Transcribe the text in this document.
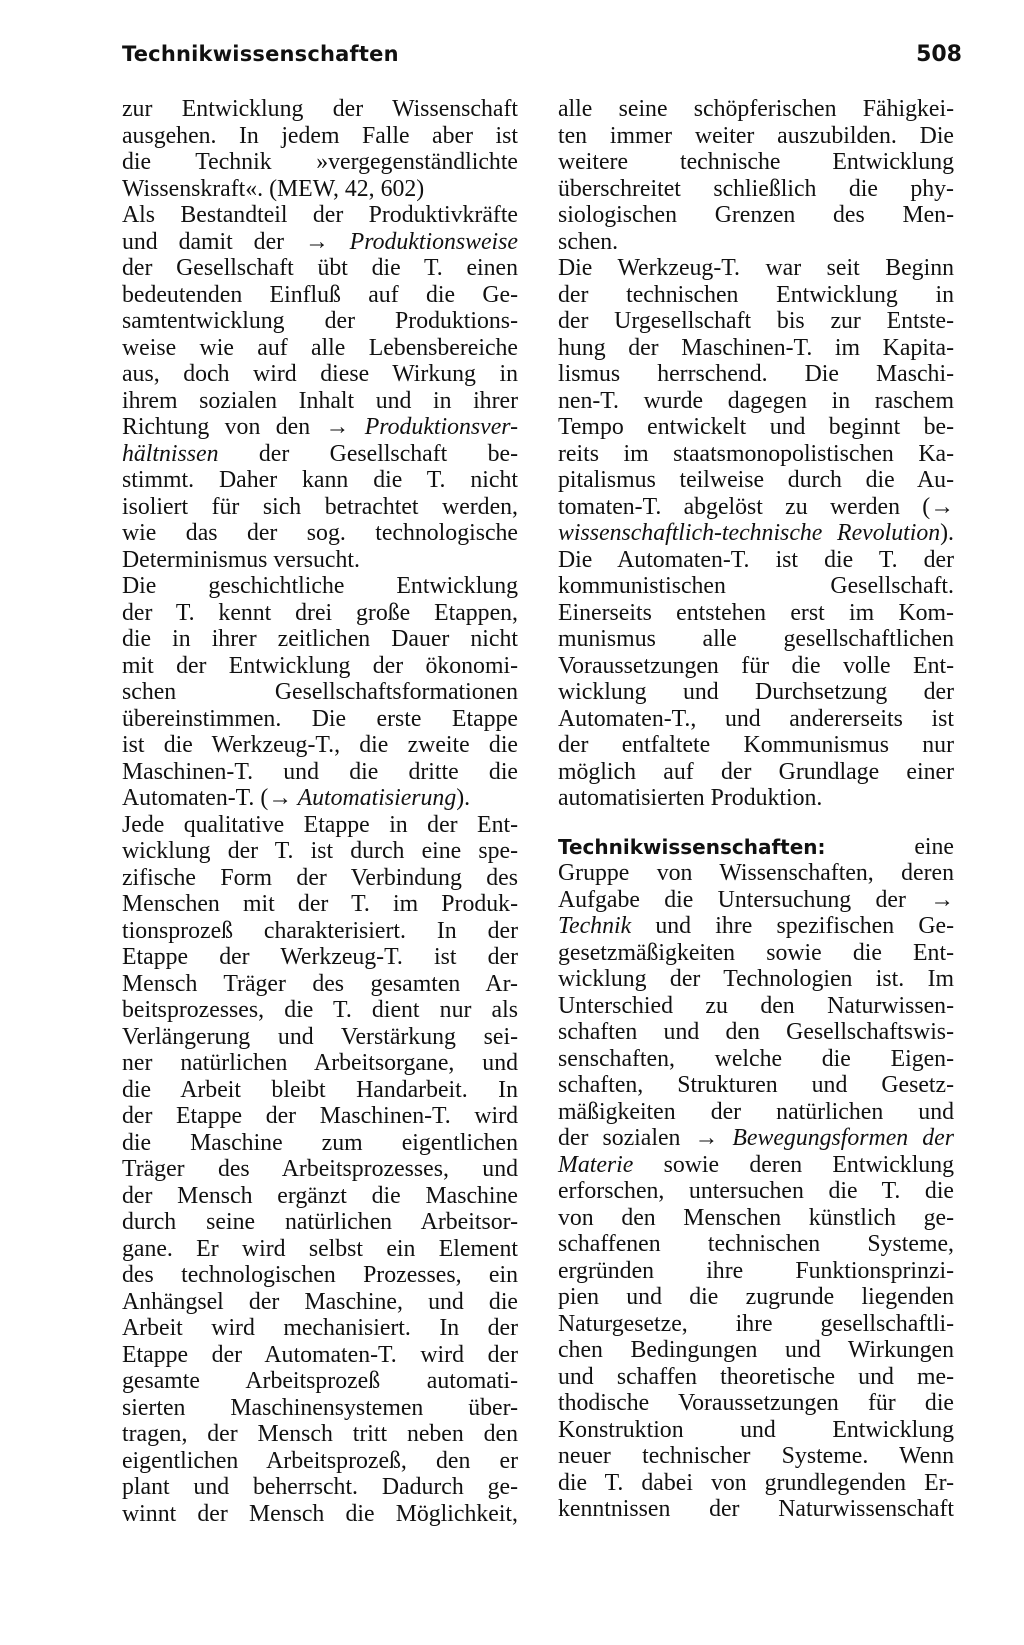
Technikwissenschaften	508
zur Entwicklung der Wissenschaft
ausgehen. In jedem Falle aber ist
die Technik »vergegenständlichte
Wissenskraft«. (MEW, 42, 602)
Als Bestandteil der Produktivkräfte
und damit der → Produktionsweise
der Gesellschaft übt die T. einen
bedeutenden Einfluß auf die Ge-
samtentwicklung der Produktions-
weise wie auf alle Lebensbereiche
aus, doch wird diese Wirkung in
ihrem sozialen Inhalt und in ihrer
Richtung von den → Produktionsver-
hältnissen der Gesellschaft be-
stimmt. Daher kann die T. nicht
isoliert für sich betrachtet werden,
wie das der sog. technologische
Determinismus versucht.
Die geschichtliche Entwicklung
der T. kennt drei große Etappen,
die in ihrer zeitlichen Dauer nicht
mit der Entwicklung der ökonomi-
schen Gesellschaftsformationen
übereinstimmen. Die erste Etappe
ist die Werkzeug-T., die zweite die
Maschinen-T. und die dritte die
Automaten-T. (→ Automatisierung).
Jede qualitative Etappe in der Ent-
wicklung der T. ist durch eine spe-
zifische Form der Verbindung des
Menschen mit der T. im Produk-
tionsprozeß charakterisiert. In der
Etappe der Werkzeug-T. ist der
Mensch Träger des gesamten Ar-
beitsprozesses, die T. dient nur als
Verlängerung und Verstärkung sei-
ner natürlichen Arbeitsorgane, und
die Arbeit bleibt Handarbeit. In
der Etappe der Maschinen-T. wird
die Maschine zum eigentlichen
Träger des Arbeitsprozesses, und
der Mensch ergänzt die Maschine
durch seine natürlichen Arbeitsor-
gane. Er wird selbst ein Element
des technologischen Prozesses, ein
Anhängsel der Maschine, und die
Arbeit wird mechanisiert. In der
Etappe der Automaten-T. wird der
gesamte Arbeitsprozeß automati-
sierten Maschinensystemen über-
tragen, der Mensch tritt neben den
eigentlichen Arbeitsprozeß, den er
plant und beherrscht. Dadurch ge-
winnt der Mensch die Möglichkeit,
alle seine schöpferischen Fähigkei-
ten immer weiter auszubilden. Die
weitere technische Entwicklung
überschreitet schließlich die phy-
siologischen Grenzen des Men-
schen.
Die Werkzeug-T. war seit Beginn
der technischen Entwicklung in
der Urgesellschaft bis zur Entste-
hung der Maschinen-T. im Kapita-
lismus herrschend. Die Maschi-
nen-T. wurde dagegen in raschem
Tempo entwickelt und beginnt be-
reits im staatsmonopolistischen Ka-
pitalismus teilweise durch die Au-
tomaten-T. abgelöst zu werden (→
wissenschaftlich-technische Revolution).
Die Automaten-T. ist die T. der
kommunistischen Gesellschaft.
Einerseits entstehen erst im Kom-
munismus alle gesellschaftlichen
Voraussetzungen für die volle Ent-
wicklung und Durchsetzung der
Automaten-T., und andererseits ist
der entfaltete Kommunismus nur
möglich auf der Grundlage einer
automatisierten Produktion.
Technikwissenschaften:	eine
Gruppe von Wissenschaften, deren
Aufgabe die Untersuchung der →
Technik und ihre spezifischen Ge-
gesetzmäßigkeiten sowie die Ent-
wicklung der Technologien ist. Im
Unterschied zu den Naturwissen-
schaften und den Gesellschaftswis-
senschaften, welche die Eigen-
schaften, Strukturen und Gesetz-
mäßigkeiten der natürlichen und
der sozialen → Bewegungsformen der
Materie sowie deren Entwicklung
erforschen, untersuchen die T. die
von den Menschen künstlich ge-
schaffenen technischen Systeme,
ergründen ihre Funktionsprinzi-
pien und die zugrunde liegenden
Naturgesetze, ihre gesellschaftli-
chen Bedingungen und Wirkungen
und schaffen theoretische und me-
thodische Voraussetzungen für die
Konstruktion und Entwicklung
neuer technischer Systeme. Wenn
die T. dabei von grundlegenden Er-
kenntnissen der Naturwissenschaft
